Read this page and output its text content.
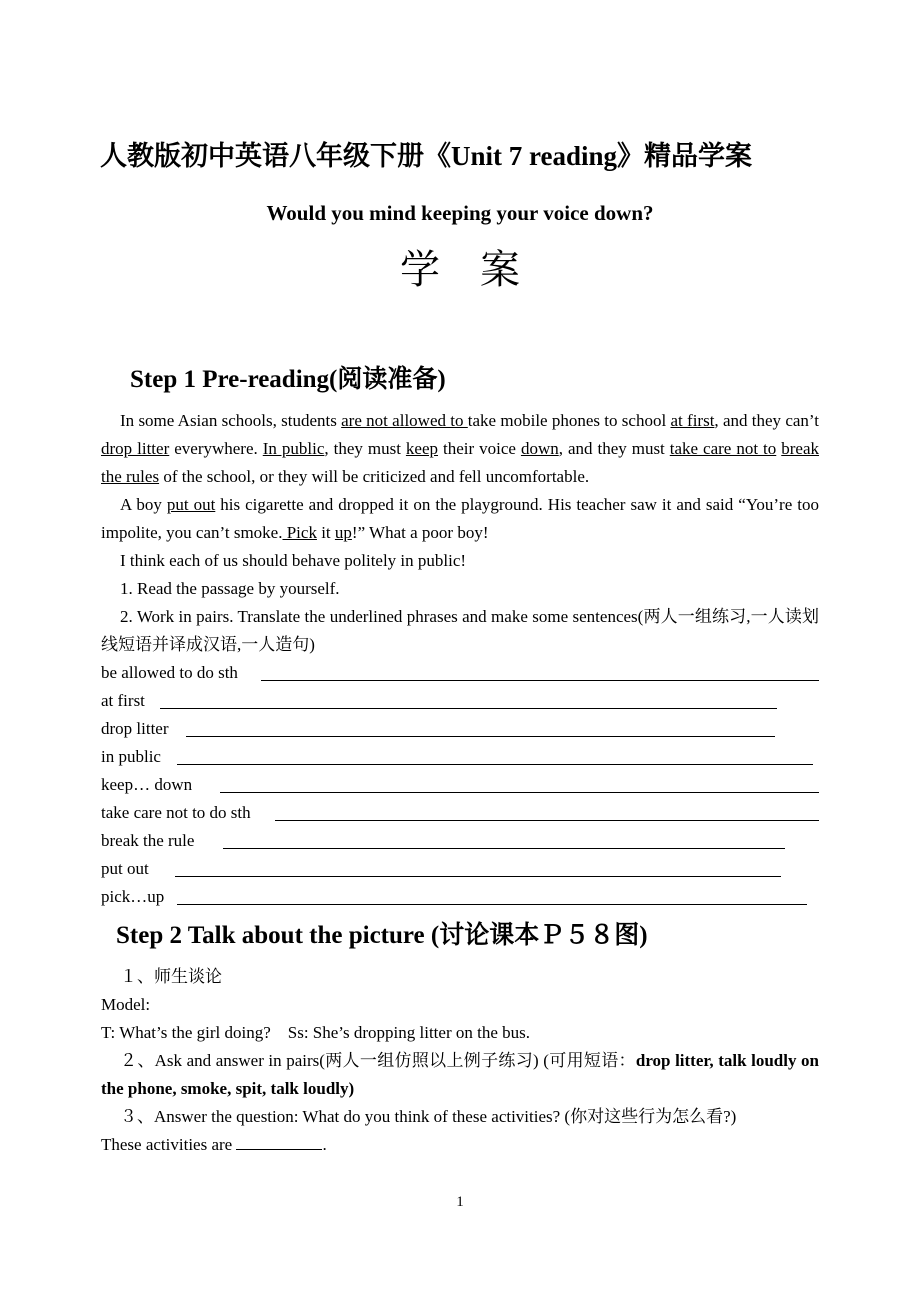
人教版初中英语八年级下册《Unit 7 reading》精品学案
Would you mind keeping your voice down?
学案
Step 1 Pre-reading(阅读准备)

In some Asian schools, students are not allowed to take mobile phones to school at first, and they can’t drop litter everywhere. In public, they must keep their voice down, and they must take care not to break the rules of the school, or they will be criticized and fell uncomfortable.

A boy put out his cigarette and dropped it on the playground. His teacher saw it and said “You’re too impolite, you can’t smoke. Pick it up!” What a poor boy!

I think each of us should behave politely in public!

1. Read the passage by yourself.

2. Work in pairs. Translate the underlined phrases and make some sentences(两人一组练习,一人读划线短语并译成汉语,一人造句)

be allowed to do sth
at first
drop litter
in public
keep… down
take care not to do sth
break the rule
put out
pick…up
Step 2 Talk about the picture (讨论课本Ｐ５８图)

１、师生谈论

Model:

T: What’s the girl doing?    Ss: She’s dropping litter on the bus.

２、Ask and answer in pairs(两人一组仿照以上例子练习) (可用短语：drop litter, talk loudly on the phone, smoke, spit, talk loudly)

３、Answer the question: What do you think of these activities? (你对这些行为怎么看?)

These activities are	.

1
